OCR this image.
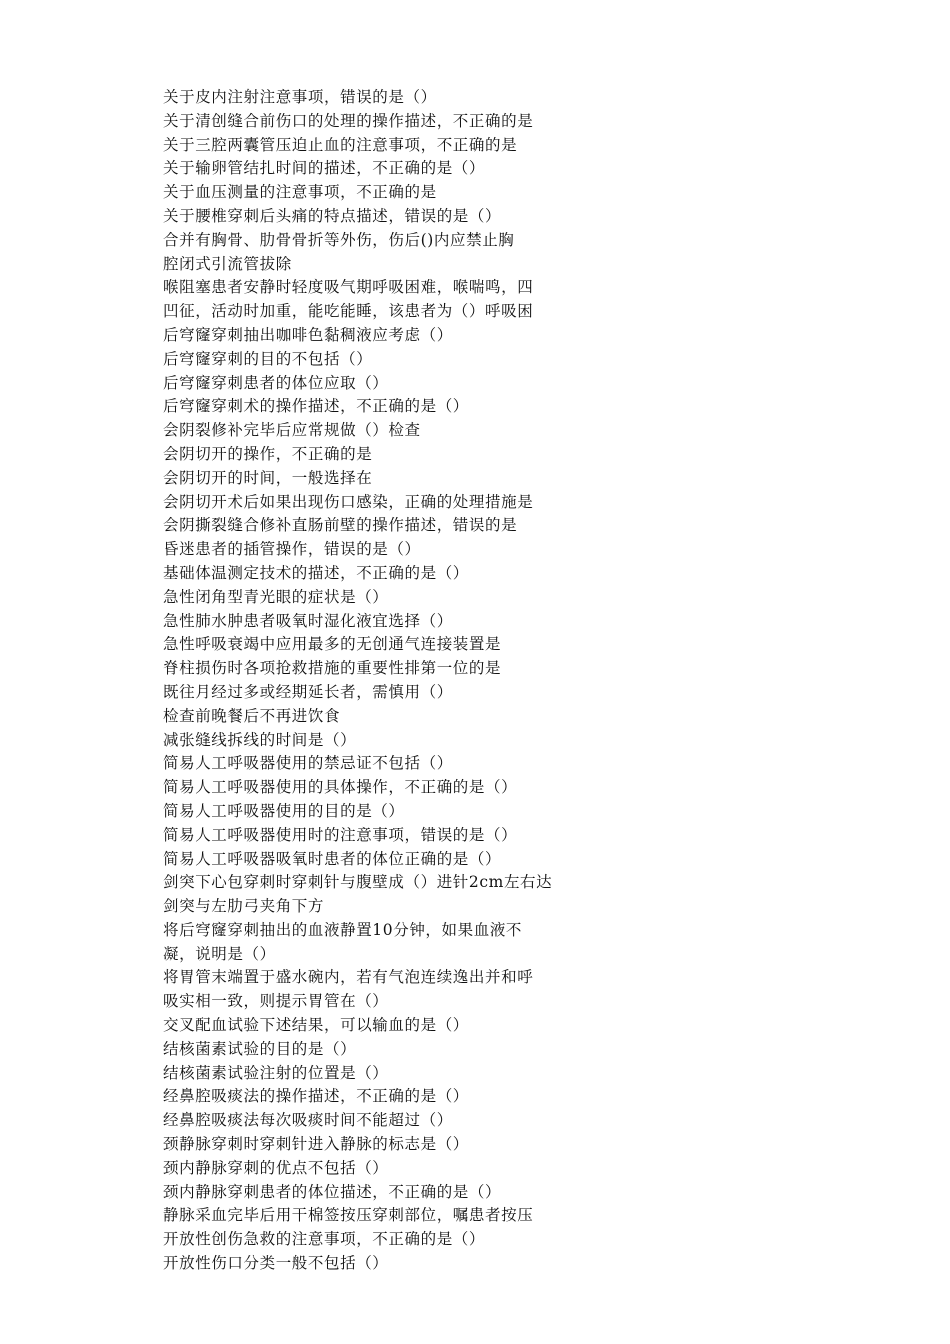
关于皮内注射注意事项，错误的是（）
关于清创缝合前伤口的处理的操作描述，不正确的是
关于三腔两囊管压迫止血的注意事项，不正确的是
关于输卵管结扎时间的描述，不正确的是（）
关于血压测量的注意事项，不正确的是
关于腰椎穿刺后头痛的特点描述，错误的是（）
合并有胸骨、肋骨骨折等外伤，伤后()内应禁止胸
腔闭式引流管拔除
喉阻塞患者安静时轻度吸气期呼吸困难，喉喘鸣，四
凹征，活动时加重，能吃能睡，该患者为（）呼吸困
后穹窿穿刺抽出咖啡色黏稠液应考虑（）
后穹窿穿刺的目的不包括（）
后穹窿穿刺患者的体位应取（）
后穹窿穿刺术的操作描述，不正确的是（）
会阴裂修补完毕后应常规做（）检查
会阴切开的操作，不正确的是
会阴切开的时间，一般选择在
会阴切开术后如果出现伤口感染，正确的处理措施是
会阴撕裂缝合修补直肠前壁的操作描述，错误的是
昏迷患者的插管操作，错误的是（）
基础体温测定技术的描述，不正确的是（）
急性闭角型青光眼的症状是（）
急性肺水肿患者吸氧时湿化液宜选择（）
急性呼吸衰竭中应用最多的无创通气连接装置是
脊柱损伤时各项抢救措施的重要性排第一位的是
既往月经过多或经期延长者，需慎用（）
检查前晚餐后不再进饮食
减张缝线拆线的时间是（）
简易人工呼吸器使用的禁忌证不包括（）
简易人工呼吸器使用的具体操作，不正确的是（）
简易人工呼吸器使用的目的是（）
简易人工呼吸器使用时的注意事项，错误的是（）
简易人工呼吸器吸氧时患者的体位正确的是（）
剑突下心包穿刺时穿刺针与腹壁成（）进针2cm左右达
剑突与左肋弓夹角下方
将后穹窿穿刺抽出的血液静置10分钟，如果血液不
凝，说明是（）
将胃管末端置于盛水碗内，若有气泡连续逸出并和呼
吸实相一致，则提示胃管在（）
交叉配血试验下述结果，可以输血的是（）
结核菌素试验的目的是（）
结核菌素试验注射的位置是（）
经鼻腔吸痰法的操作描述，不正确的是（）
经鼻腔吸痰法每次吸痰时间不能超过（）
颈静脉穿刺时穿刺针进入静脉的标志是（）
颈内静脉穿刺的优点不包括（）
颈内静脉穿刺患者的体位描述，不正确的是（）
静脉采血完毕后用干棉签按压穿刺部位，嘱患者按压
开放性创伤急救的注意事项，不正确的是（）
开放性伤口分类一般不包括（）
